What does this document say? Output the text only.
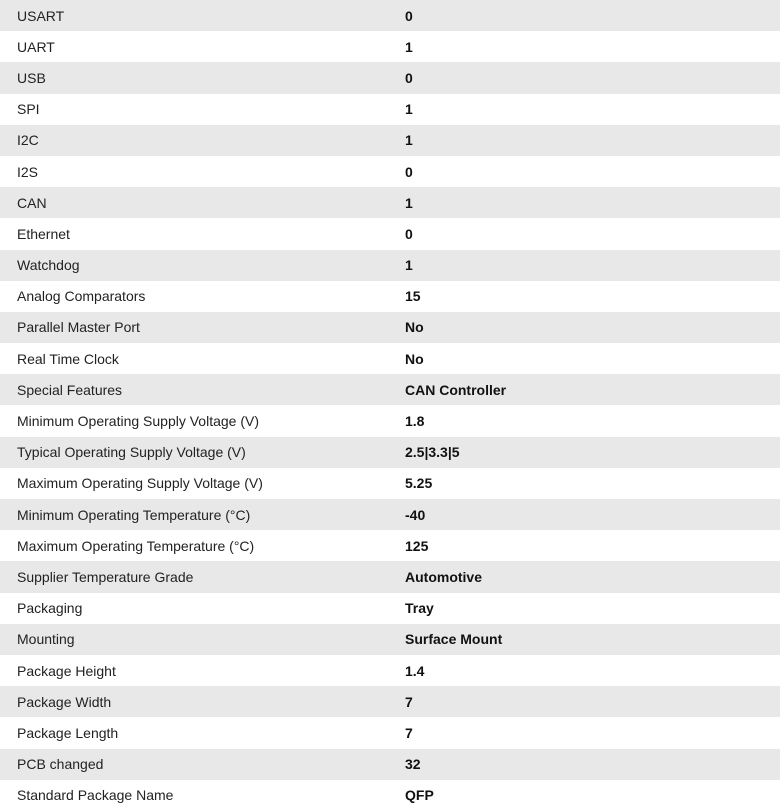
USART	0
UART	1
USB	0
SPI	1
I2C	1
I2S	0
CAN	1
Ethernet	0
Watchdog	1
Analog Comparators	15
Parallel Master Port	No
Real Time Clock	No
Special Features	CAN Controller
Minimum Operating Supply Voltage (V)	1.8
Typical Operating Supply Voltage (V)	2.5|3.3|5
Maximum Operating Supply Voltage (V)	5.25
Minimum Operating Temperature (°C)	-40
Maximum Operating Temperature (°C)	125
Supplier Temperature Grade	Automotive
Packaging	Tray
Mounting	Surface Mount
Package Height	1.4
Package Width	7
Package Length	7
PCB changed	32
Standard Package Name	QFP
